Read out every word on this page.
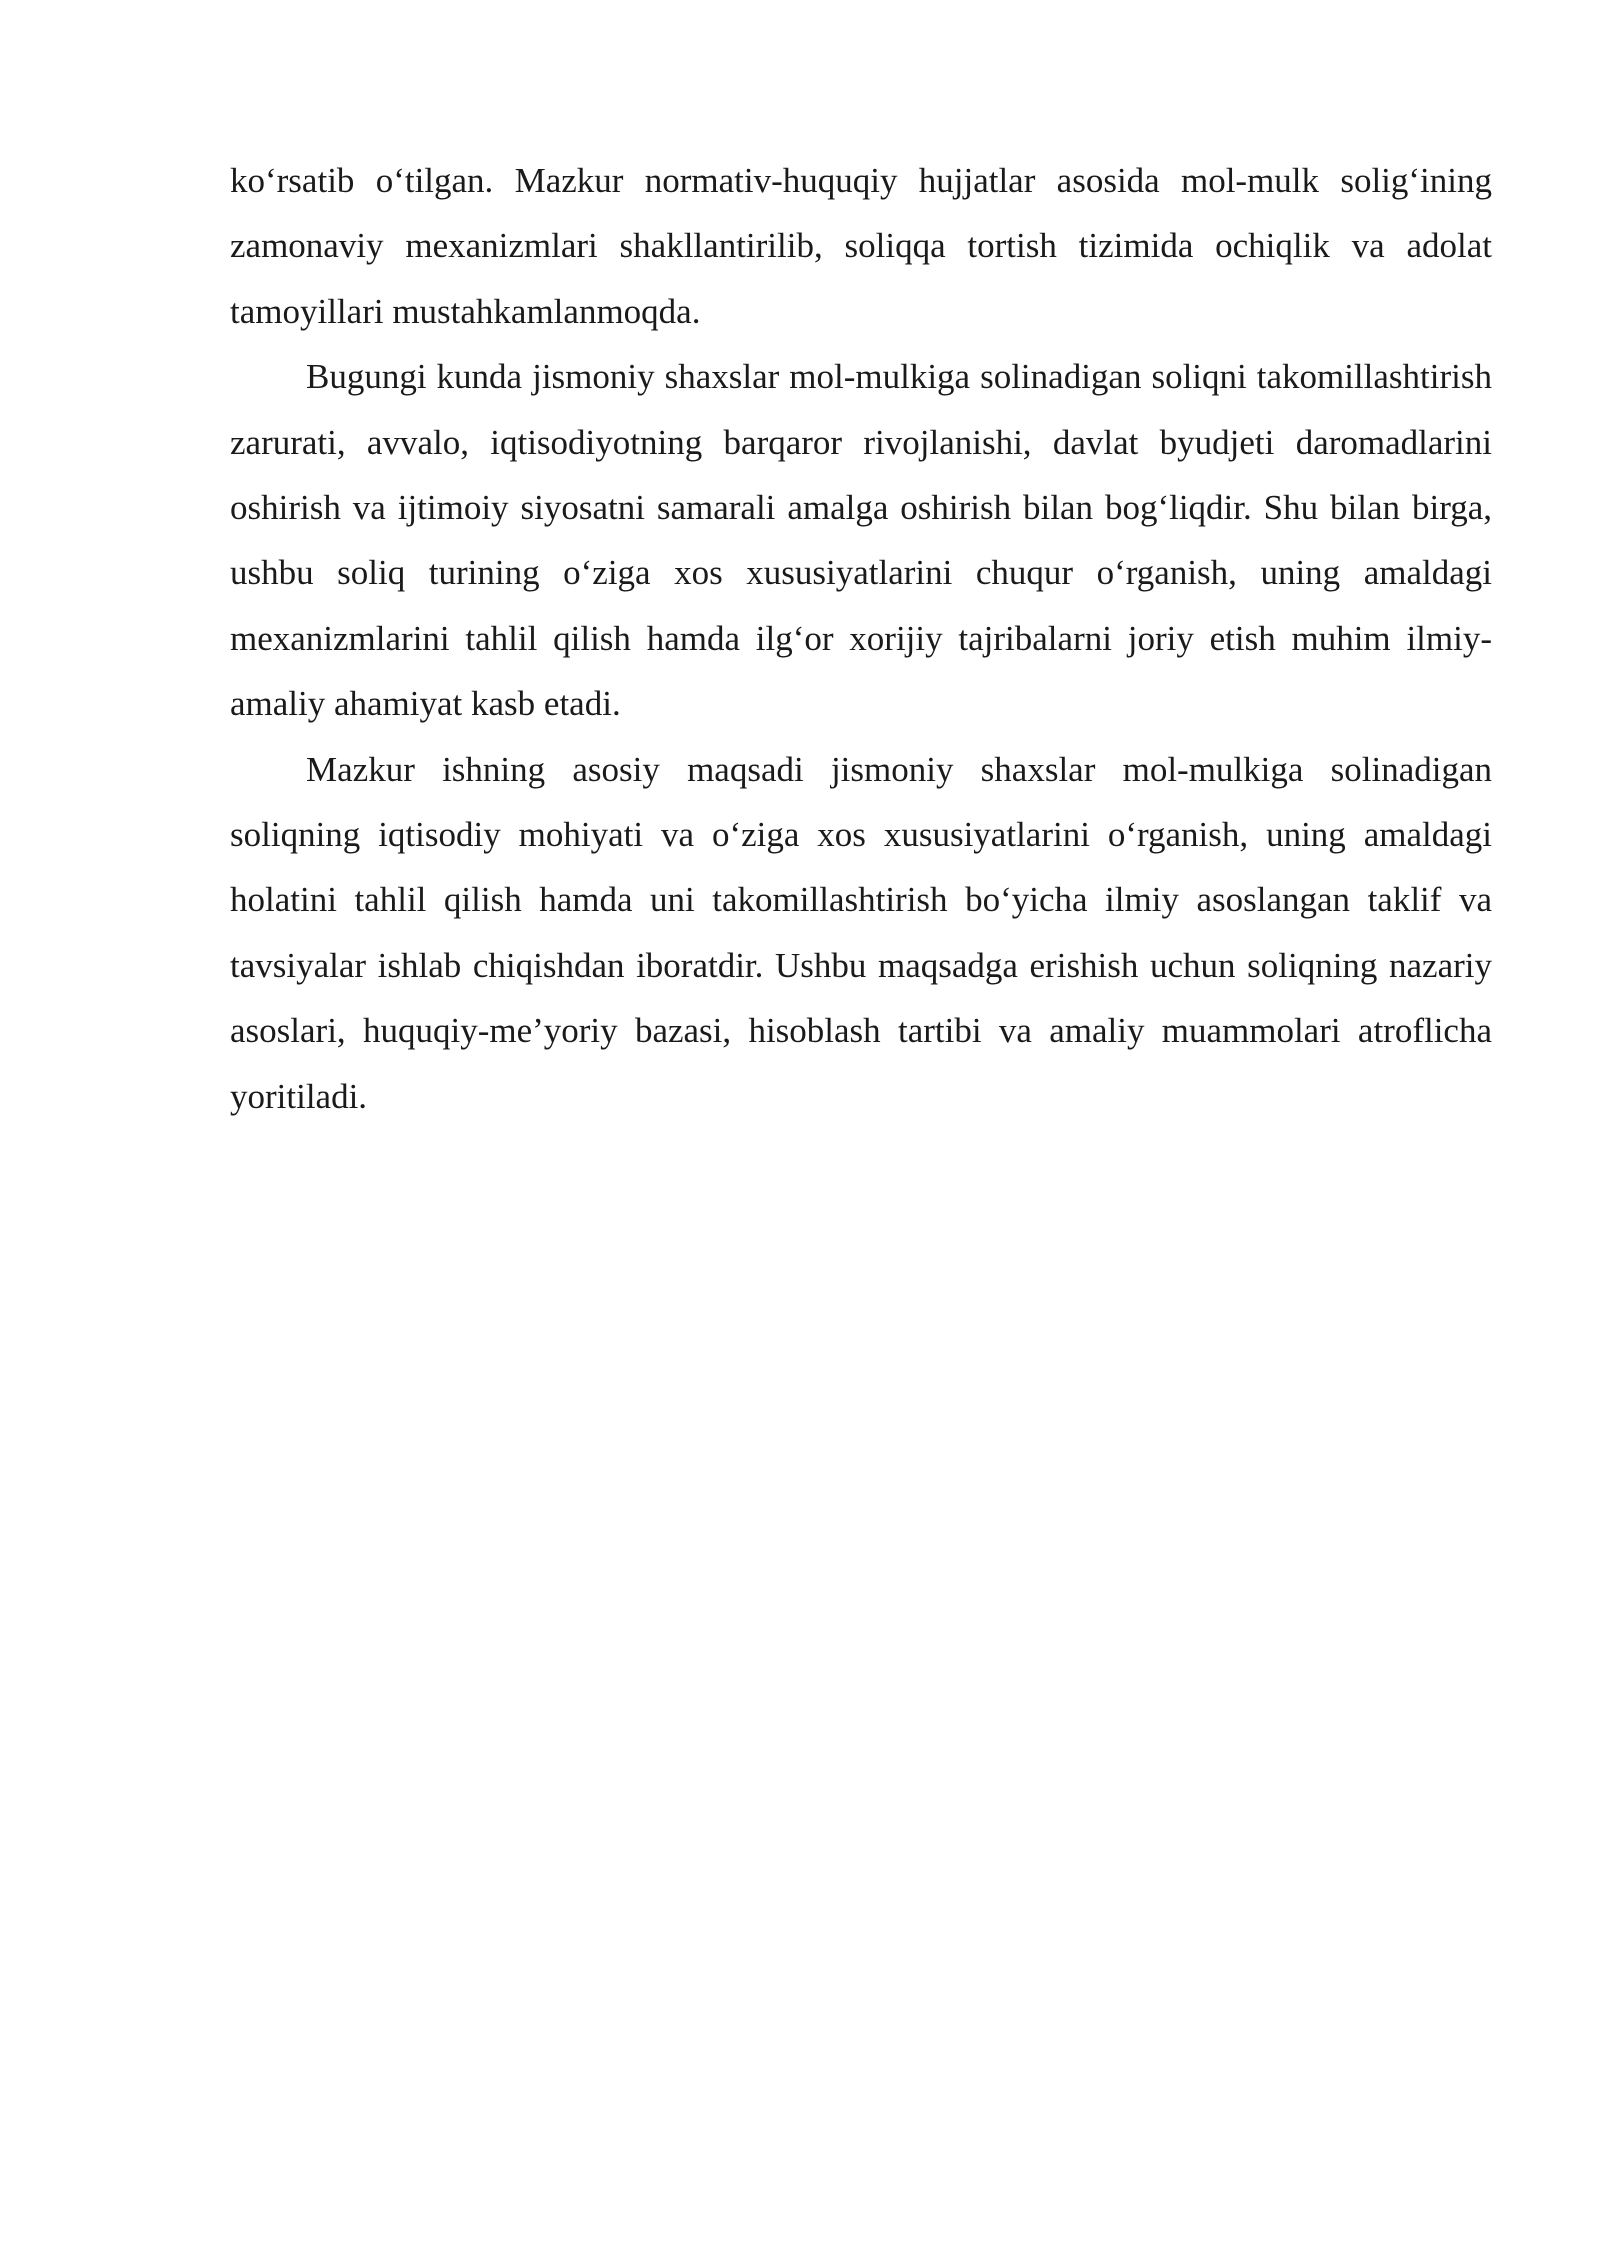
ko‘rsatib o‘tilgan. Mazkur normativ-huquqiy hujjatlar asosida mol-mulk solig‘ining zamonaviy mexanizmlari shakllantirilib, soliqqa tortish tizimida ochiqlik va adolat tamoyillari mustahkamlanmoqda.

Bugungi kunda jismoniy shaxslar mol-mulkiga solinadigan soliqni takomillashtirish zarurati, avvalo, iqtisodiyotning barqaror rivojlanishi, davlat byudjeti daromadlarini oshirish va ijtimoiy siyosatni samarali amalga oshirish bilan bog‘liqdir. Shu bilan birga, ushbu soliq turining o‘ziga xos xususiyatlarini chuqur o‘rganish, uning amaldagi mexanizmlarini tahlil qilish hamda ilg‘or xorijiy tajribalarni joriy etish muhim ilmiy-amaliy ahamiyat kasb etadi.

Mazkur ishning asosiy maqsadi jismoniy shaxslar mol-mulkiga solinadigan soliqning iqtisodiy mohiyati va o‘ziga xos xususiyatlarini o‘rganish, uning amaldagi holatini tahlil qilish hamda uni takomillashtirish bo‘yicha ilmiy asoslangan taklif va tavsiyalar ishlab chiqishdan iboratdir. Ushbu maqsadga erishish uchun soliqning nazariy asoslari, huquqiy-me’yoriy bazasi, hisoblash tartibi va amaliy muammolari atroflicha yoritiladi.
